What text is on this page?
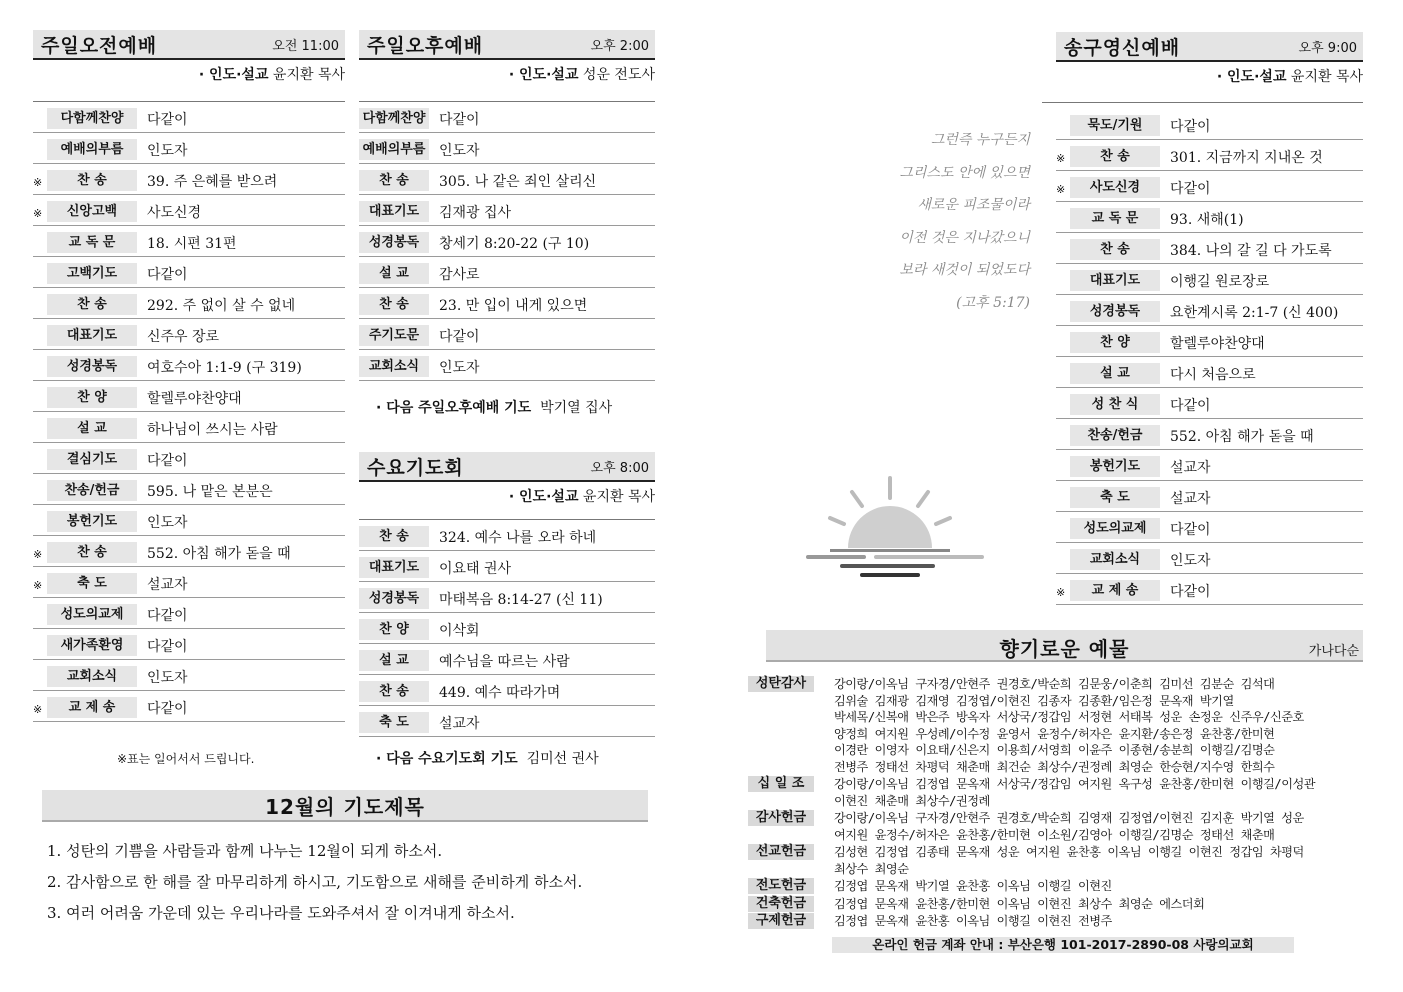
주일오전예배	오전 11:00
· 인도·설교 윤지환 목사
다함께찬양	다같이
예배의부름	인도자
※	찬 송	39. 주 은혜를 받으려
※	신앙고백	사도신경
교 독 문	18. 시편 31편
고백기도	다같이
찬 송	292. 주 없이 살 수 없네
대표기도	신주우 장로
성경봉독	여호수아 1:1-9 (구 319)
찬 양	할렐루야찬양대
설 교	하나님이 쓰시는 사람
결심기도	다같이
찬송/헌금	595. 나 맡은 본분은
봉헌기도	인도자
※	찬 송	552. 아침 해가 돋을 때
※	축 도	설교자
성도의교제	다같이
새가족환영	다같이
교회소식	인도자
※	교 제 송	다같이
※표는 일어서서 드립니다.
주일오후예배	오후 2:00
· 인도·설교 성운 전도사
다함께찬양 다같이
예배의부름 인도자
찬 송	305. 나 같은 죄인 살리신
대표기도	김재광 집사
성경봉독	창세기 8:20-22 (구 10)
설 교	감사로
찬 송	23. 만 입이 내게 있으면
주기도문	다같이
교회소식	인도자
· 다음 주일오후예배 기도 박기열 집사
수요기도회	오후 8:00
· 인도·설교 윤지환 목사
찬 송	324. 예수 나를 오라 하네
대표기도	이요태 권사
성경봉독	마태복음 8:14-27 (신 11)
찬 양	이삭회
설 교	예수님을 따르는 사람
찬 송	449. 예수 따라가며
축 도	설교자
· 다음 수요기도회 기도 김미선 권사
12월의 기도제목
1. 성탄의 기쁨을 사람들과 함께 나누는 12월이 되게 하소서.
2. 감사함으로 한 해를 잘 마무리하게 하시고, 기도함으로 새해를 준비하게 하소서.
3. 여러 어려움 가운데 있는 우리나라를 도와주셔서 잘 이겨내게 하소서.
그런즉 누구든지
그리스도 안에 있으면
새로운 피조물이라
이전 것은 지나갔으니
보라 새것이 되었도다
(고후 5:17)
송구영신예배	오후 9:00
· 인도·설교 윤지환 목사
묵도/기원	다같이
※	찬 송	301. 지금까지 지내온 것
※	사도신경	다같이
교 독 문	93. 새해(1)
찬 송	384. 나의 갈 길 다 가도록
대표기도	이행길 원로장로
성경봉독	요한계시록 2:1-7 (신 400)
찬 양	할렐루야찬양대
설 교	다시 처음으로
성 찬 식	다같이
찬송/헌금	552. 아침 해가 돋을 때
봉헌기도	설교자
축 도	설교자
성도의교제	다같이
교회소식	인도자
※	교 제 송	다같이
향기로운 예물	가나다순
성탄감사	강이랑/이옥님 구자경/안현주 권경호/박순희 김문웅/이춘희 김미선 김분순 김석대
김위술 김재광 김재영 김정엽/이현진 김종자 김종환/임은정 문옥재 박기열
박세목/신복애 박은주 방옥자 서상국/정갑임 서정현 서태복 성운 손정운 신주우/신준호
양정희 여지원 우성례/이수정 윤영서 윤정수/허자은 윤지환/송은정 윤찬홍/한미현
이경란 이영자 이요태/신은지 이용희/서영희 이윤주 이종현/송분희 이행길/김명순
전병주 정태선 차평덕 채춘매 최건순 최상수/권정례 최영순 한승현/지수영 한희수
십 일 조	강이랑/이옥님 김정엽 문옥재 서상국/정갑임 여지원 옥구성 윤찬홍/한미현 이행길/이성관
이현진 채춘매 최상수/권정례
감사헌금	강이랑/이옥님 구자경/안현주 권경호/박순희 김영재 김정엽/이현진 김지훈 박기열 성운
여지원 윤정수/허자은 윤찬홍/한미현 이소원/김영아 이행길/김명순 정태선 채춘매
선교헌금	김성현 김정엽 김종태 문옥재 성운 여지원 윤찬홍 이옥님 이행길 이현진 정갑임 차평덕
최상수 최영순
전도헌금	김정엽 문옥재 박기열 윤찬홍 이옥님 이행길 이현진
건축헌금	김정엽 문옥재 윤찬홍/한미현 이옥님 이현진 최상수 최영순 에스더회
구제헌금	김정엽 문옥재 윤찬홍 이옥님 이행길 이현진 전병주
온라인 헌금 계좌 안내 : 부산은행 101-2017-2890-08 사랑의교회
